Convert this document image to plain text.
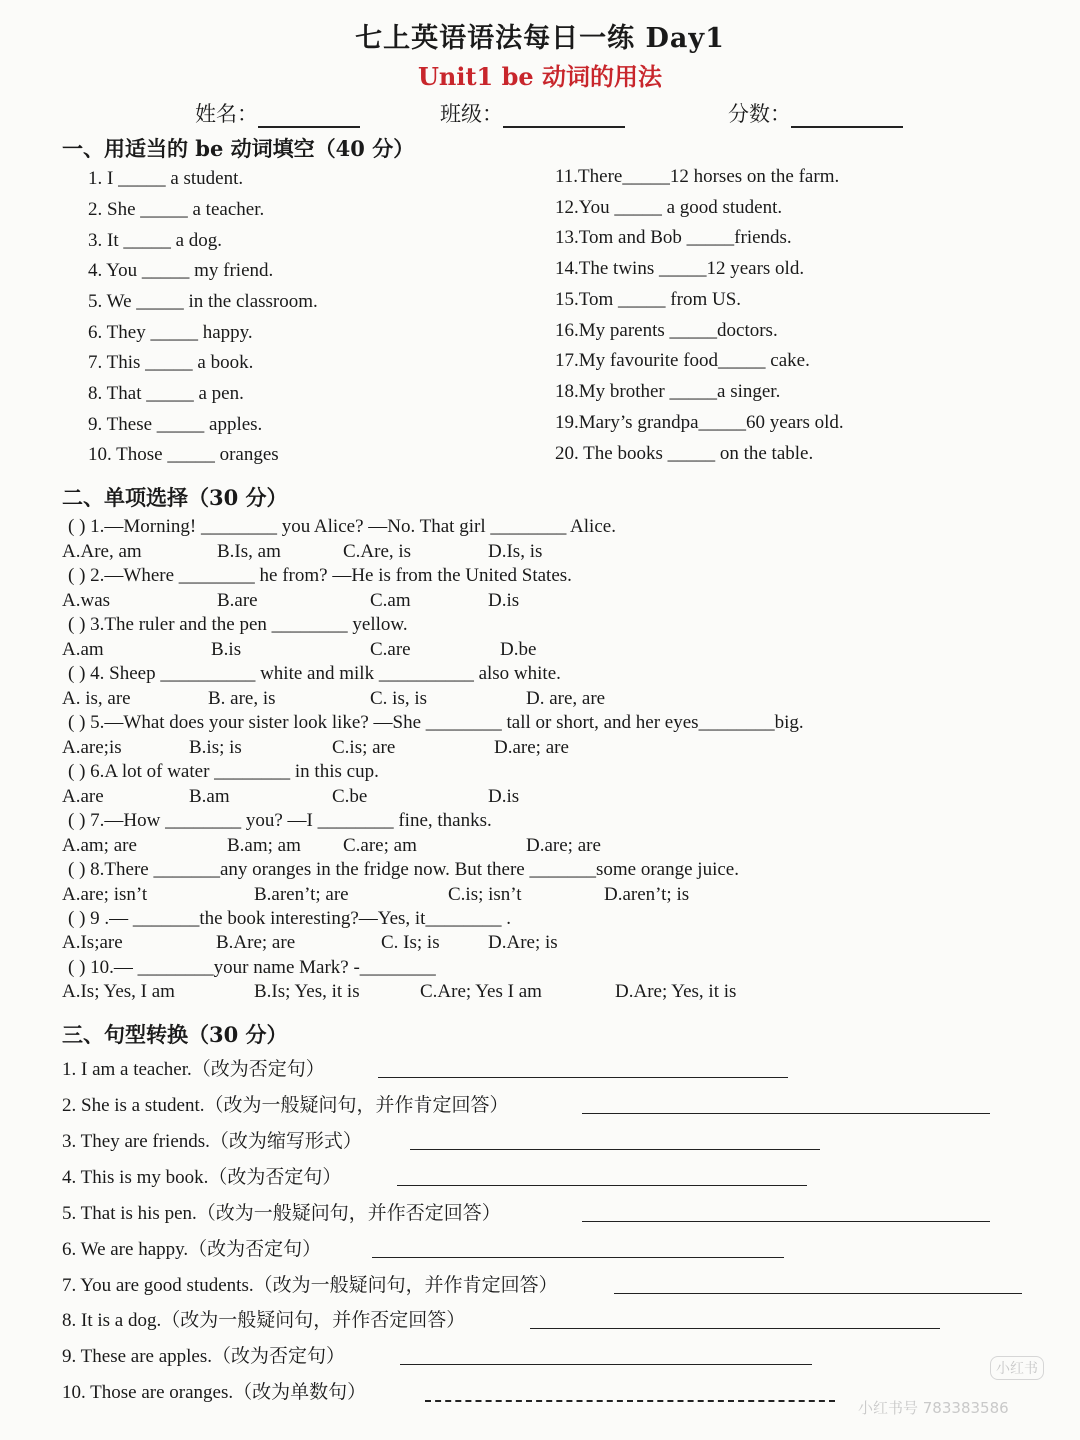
七上英语语法每日一练 Day1
Unit1 be 动词的用法
姓名：	班级：	分数：
一、用适当的 be 动词填空（40 分）
1. I _____ a student.
2. She _____ a teacher.
3. It _____ a dog.
4. You _____ my friend.
5. We _____ in the classroom.
6. They _____ happy.
7. This _____ a book.
8. That _____ a pen.
9. These _____ apples.
10. Those _____ oranges
11.There_____12 horses on the farm.
12.You _____ a good student.
13.Tom and Bob _____friends.
14.The twins _____12 years old.
15.Tom _____ from US.
16.My parents _____doctors.
17.My favourite food_____ cake.
18.My brother _____a singer.
19.Mary’s grandpa_____60 years old.
20. The books _____ on the table.
二、单项选择（30 分）
( ) 1.—Morning! ________ you Alice? —No. That girl ________ Alice.
A.Are, am	B.Is, am	C.Are, is	D.Is, is
( ) 2.—Where ________ he from? —He is from the United States.
A.was	B.are	C.am	D.is
( ) 3.The ruler and the pen ________ yellow.
A.am	B.is	C.are	D.be
( ) 4. Sheep __________ white and milk __________ also white.
A. is, are	B. are, is	C. is, is	D. are, are
( ) 5.—What does your sister look like? —She ________ tall or short, and her eyes________big.
A.are;is	B.is; is	C.is; are	D.are; are
( ) 6.A lot of water ________ in this cup.
A.are	B.am	C.be	D.is
( ) 7.—How ________ you? —I ________ fine, thanks.
A.am; are	B.am; am C.are; am	D.are; are
( ) 8.There _______any oranges in the fridge now. But there _______some orange juice.
A.are; isn’t	B.aren’t; are	C.is; isn’t	D.aren’t; is
( ) 9 .— _______the book interesting?—Yes, it________ .
A.Is;are	B.Are; are	C. Is; is	D.Are; is
( ) 10.— ________your name Mark? -________
A.Is; Yes, I am	B.Is; Yes, it is	C.Are; Yes I am	D.Are; Yes, it is
三、句型转换（30 分）
1. I am a teacher.（改为否定句）
2. She is a student.（改为一般疑问句，并作肯定回答）
3. They are friends.（改为缩写形式）
4. This is my book.（改为否定句）
5. That is his pen.（改为一般疑问句，并作否定回答）
6. We are happy.（改为否定句）
7. You are good students.（改为一般疑问句，并作肯定回答）
8. It is a dog.（改为一般疑问句，并作否定回答）
9. These are apples.（改为否定句）
10. Those are oranges.（改为单数句）
小红书
小红书号 783383586
